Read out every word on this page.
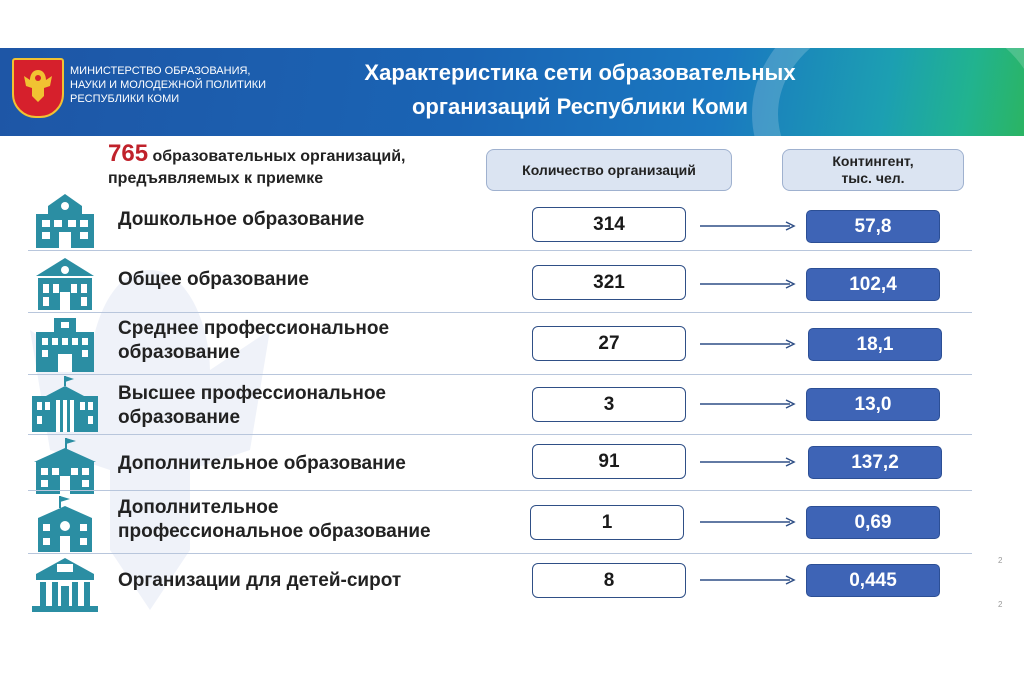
МИНИСТЕРСТВО ОБРАЗОВАНИЯ,
НАУКИ И МОЛОДЕЖНОЙ ПОЛИТИКИ
РЕСПУБЛИКИ КОМИ
Характеристика сети образовательных
организаций Республики Коми
765 образовательных организаций,
предъявляемых к приемке
Количество организаций
Контингент,
тыс. чел.
Дошкольное образование	314	57,8
Общее образование	321	102,4
Среднее профессиональное
образование	27	18,1
Высшее профессиональное
образование
3	13,0
Дополнительное образование	91	137,2
Дополнительное
профессиональное образование	1	0,69
Организации для детей-сирот	8	0,445
2
2
